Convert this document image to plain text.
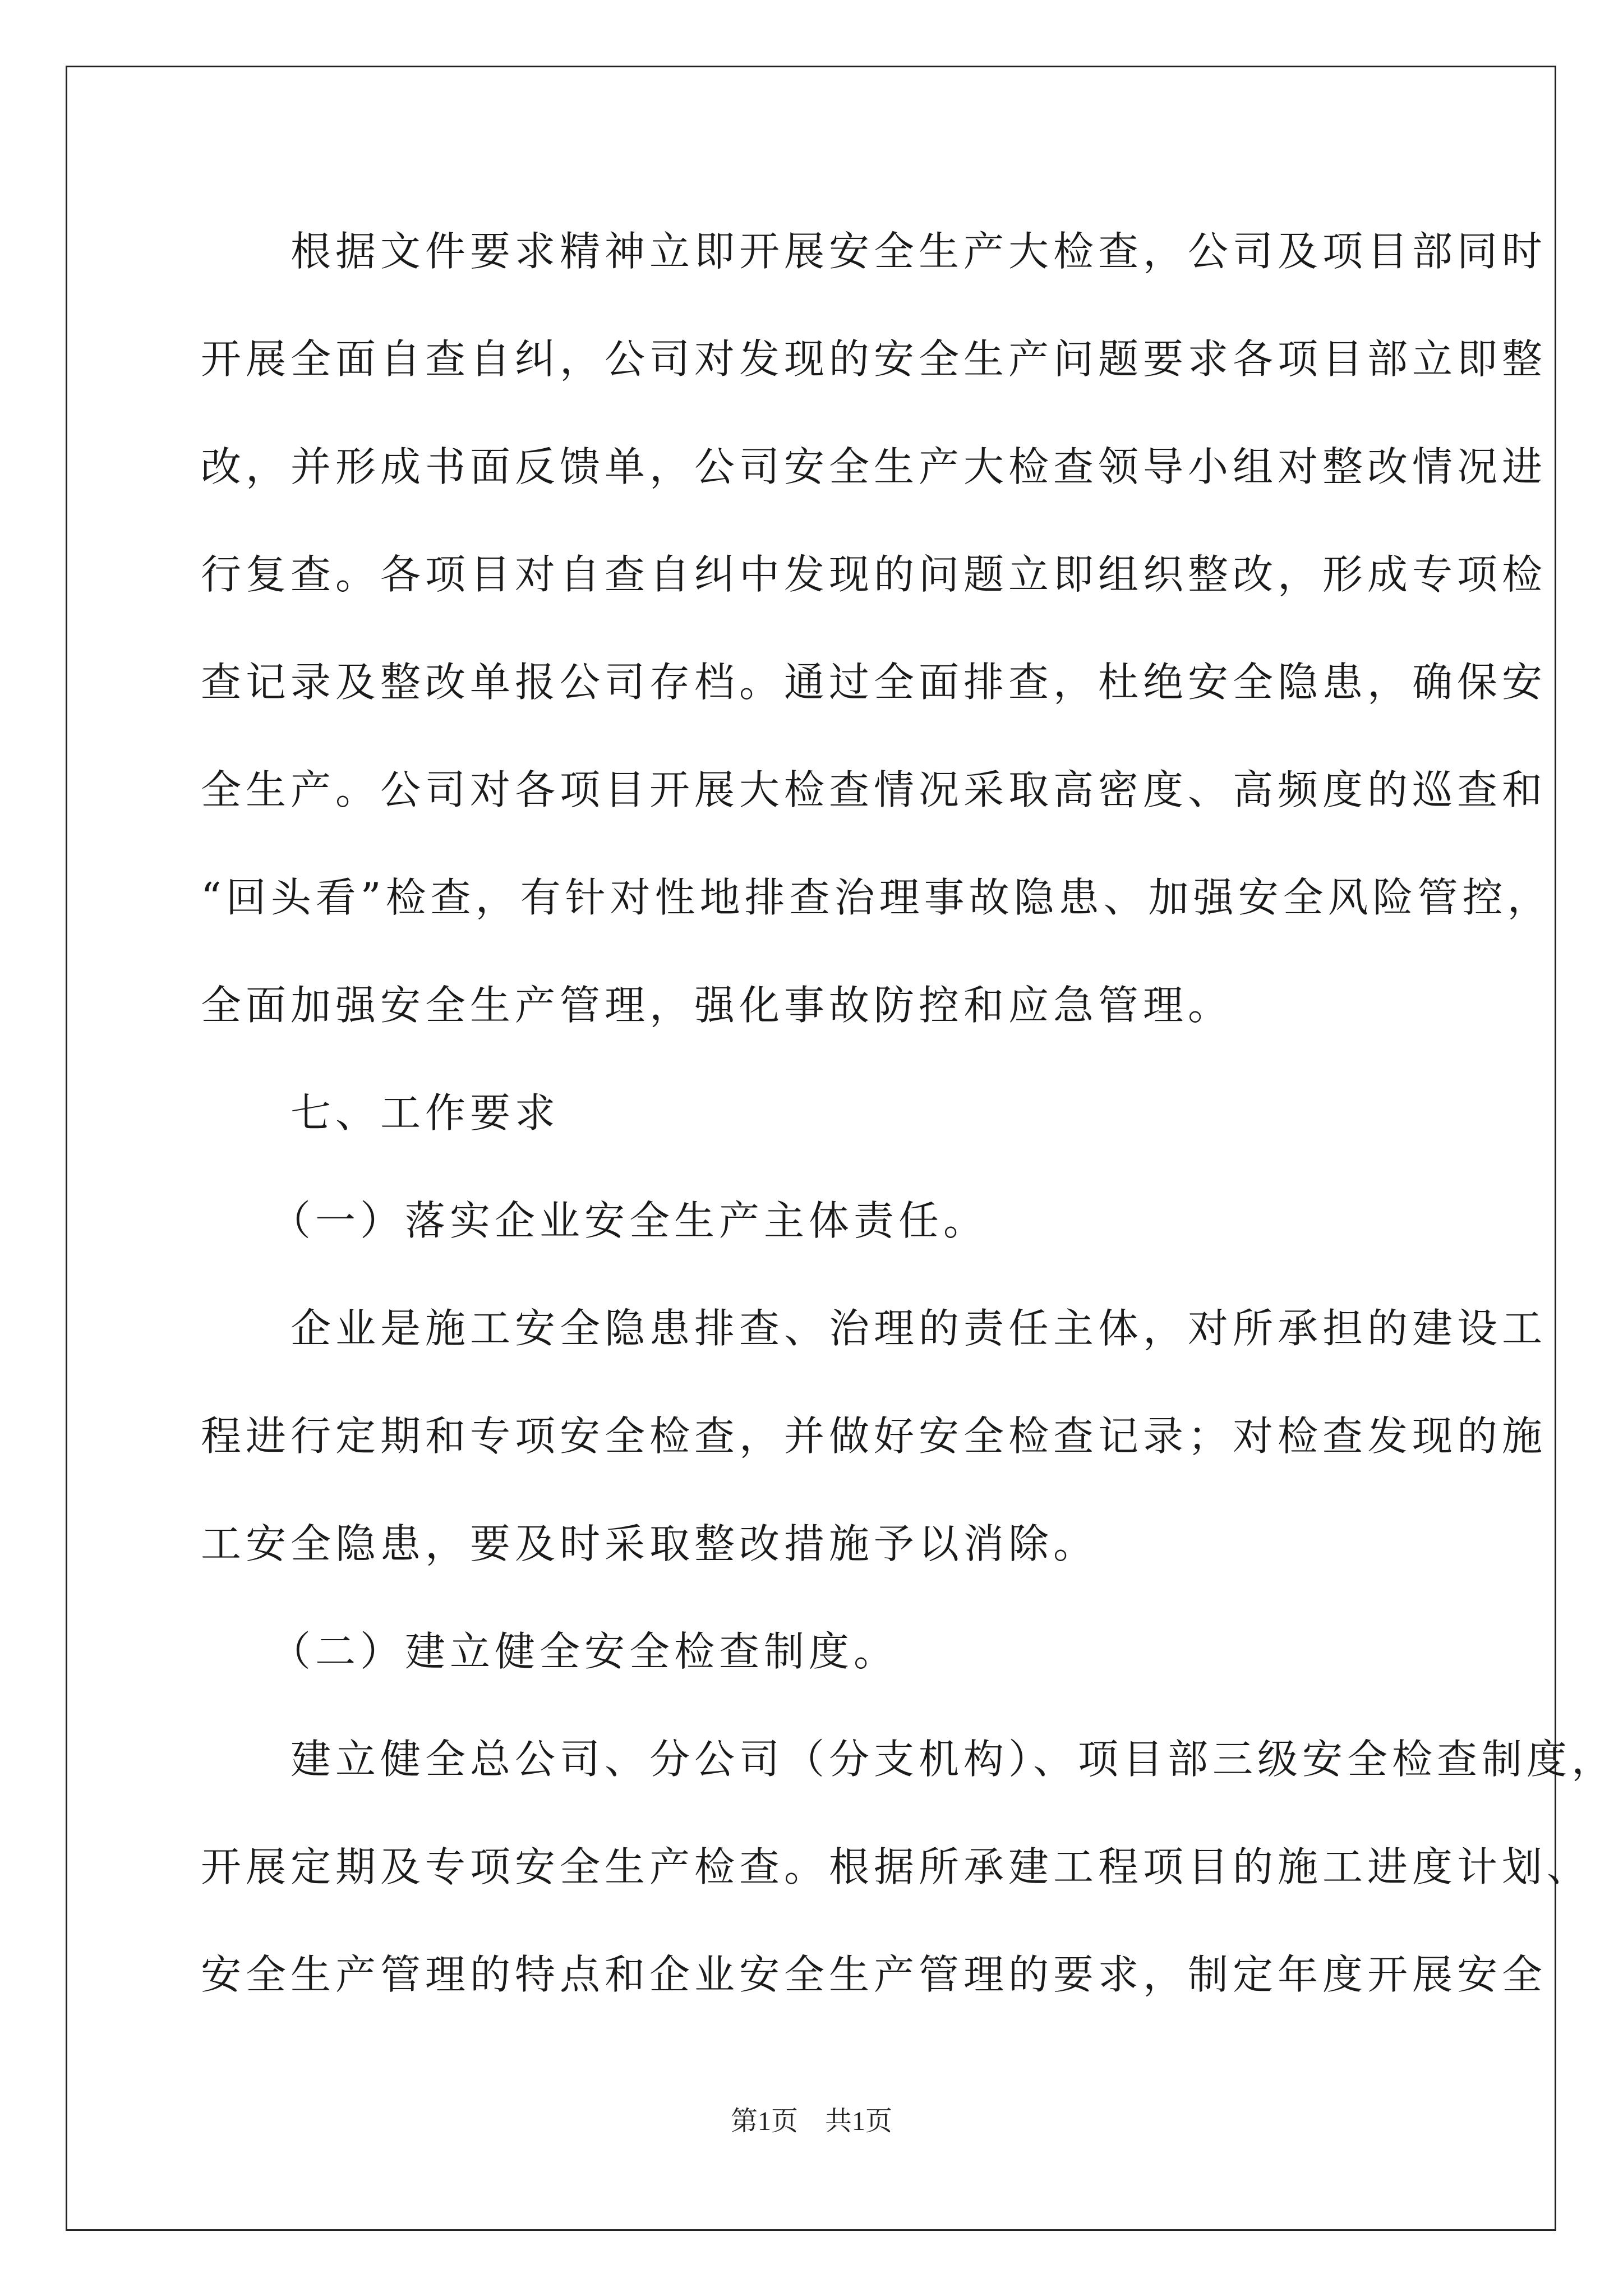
　　根据文件要求精神立即开展安全生产大检查，公司及项目部同时
开展全面自查自纠，公司对发现的安全生产问题要求各项目部立即整
改，并形成书面反馈单，公司安全生产大检查领导小组对整改情况进
行复查。各项目对自查自纠中发现的问题立即组织整改，形成专项检
查记录及整改单报公司存档。通过全面排查，杜绝安全隐患，确保安
全生产。公司对各项目开展大检查情况采取高密度、高频度的巡查和
“回头看”检查，有针对性地排查治理事故隐患、加强安全风险管控，
全面加强安全生产管理，强化事故防控和应急管理。
　　七、工作要求
　　（一）落实企业安全生产主体责任。
　　企业是施工安全隐患排查、治理的责任主体，对所承担的建设工
程进行定期和专项安全检查，并做好安全检查记录；对检查发现的施
工安全隐患，要及时采取整改措施予以消除。
　　（二）建立健全安全检查制度。
　　建立健全总公司、分公司（分支机构）、项目部三级安全检查制度，
开展定期及专项安全生产检查。根据所承建工程项目的施工进度计划、
安全生产管理的特点和企业安全生产管理的要求，制定年度开展安全
第1页　共1页
